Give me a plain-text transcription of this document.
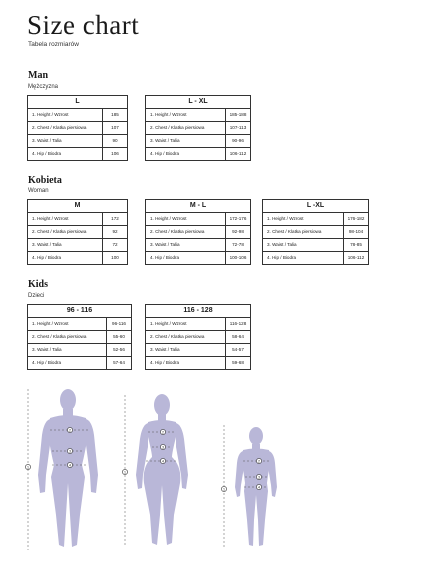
Size chart
Tabela rozmiarów
Man
Mężczyzna
L
1. Height / Wzrost	185
2. Chest / Klatka piersiowa	107
3. Waist / Talia	90
4. Hip / Biodra	106
L - XL
1. Height / Wzrost	185-188
2. Chest / Klatka piersiowa	107-113
3. Waist / Talia	90-96
4. Hip / Biodra	106-112
Kobieta
Woman
M
1. Height / Wzrost	172
2. Chest / Klatka piersiowa	92
3. Waist / Talia	72
4. Hip / Biodra	100
M - L
1. Height / Wzrost	172-176
2. Chest / Klatka piersiowa	92-98
3. Waist / Talia	72-78
4. Hip / Biodra	100-106
L -XL
1. Height / Wzrost	176-182
2. Chest / Klatka piersiowa	98-104
3. Waist / Talia	78-85
4. Hip / Biodra	106-112
Kids
Dzieci
96 - 116
1. Height / Wzrost	96-116
2. Chest / Klatka piersiowa	55-60
3. Waist / Talia	52-56
4. Hip / Biodra	57-64
116 - 128
1. Height / Wzrost	116-128
2. Chest / Klatka piersiowa	58-64
3. Waist / Talia	54-57
4. Hip / Biodra	59-68
1
2
3
4
1
2
3
4
1
2
3
4
